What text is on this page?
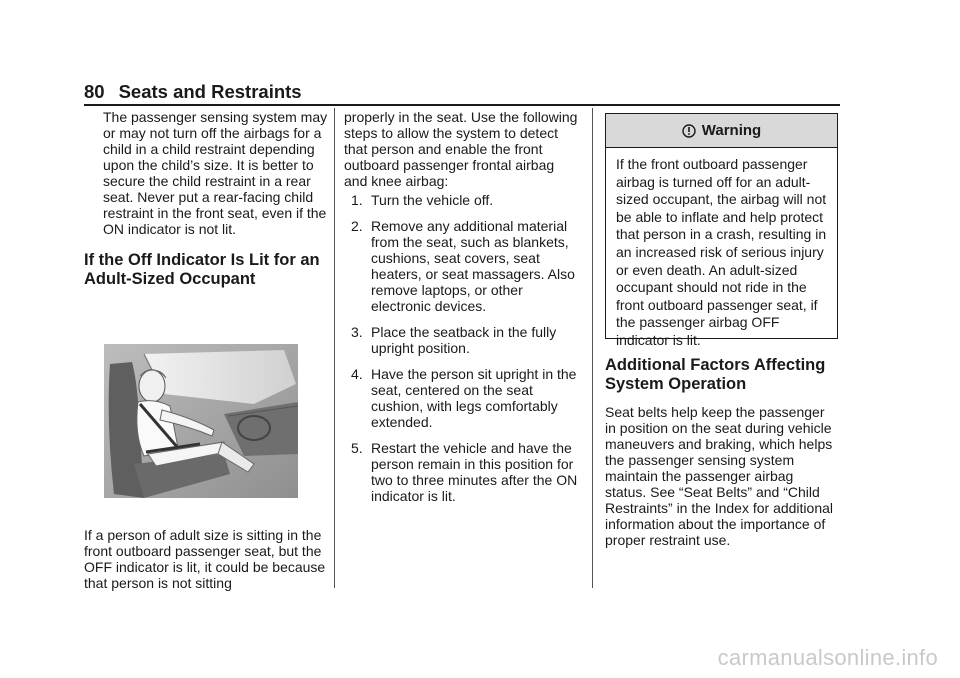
80 Seats and Restraints

The passenger sensing system may or may not turn off the airbags for a child in a child restraint depending upon the child’s size. It is better to secure the child restraint in a rear seat. Never put a rear-facing child restraint in the front seat, even if the ON indicator is not lit.

If the Off Indicator Is Lit for an

Adult-Sized Occupant

If a person of adult size is sitting in the front outboard passenger seat, but the OFF indicator is lit, it could be because that person is not sitting

properly in the seat. Use the following steps to allow the system to detect that person and enable the front outboard passenger frontal airbag and knee airbag:

1. Turn the vehicle off.
2. Remove any additional material from the seat, such as blankets, cushions, seat covers, seat heaters, or seat massagers. Also remove laptops, or other electronic devices.
3. Place the seatback in the fully upright position.
4. Have the person sit upright in the seat, centered on the seat cushion, with legs comfortably extended.
5. Restart the vehicle and have the person remain in this position for two to three minutes after the ON indicator is lit.
Warning
If the front outboard passenger airbag is turned off for an adult-sized occupant, the airbag will not be able to inflate and help protect that person in a crash, resulting in an increased risk of serious injury or even death. An adult-sized occupant should not ride in the front outboard passenger seat, if the passenger airbag OFF indicator is lit.

Additional Factors Affecting

System Operation

Seat belts help keep the passenger in position on the seat during vehicle maneuvers and braking, which helps the passenger sensing system maintain the passenger airbag status. See “Seat Belts” and “Child Restraints” in the Index for additional information about the importance of proper restraint use.

carmanualsonline.info
